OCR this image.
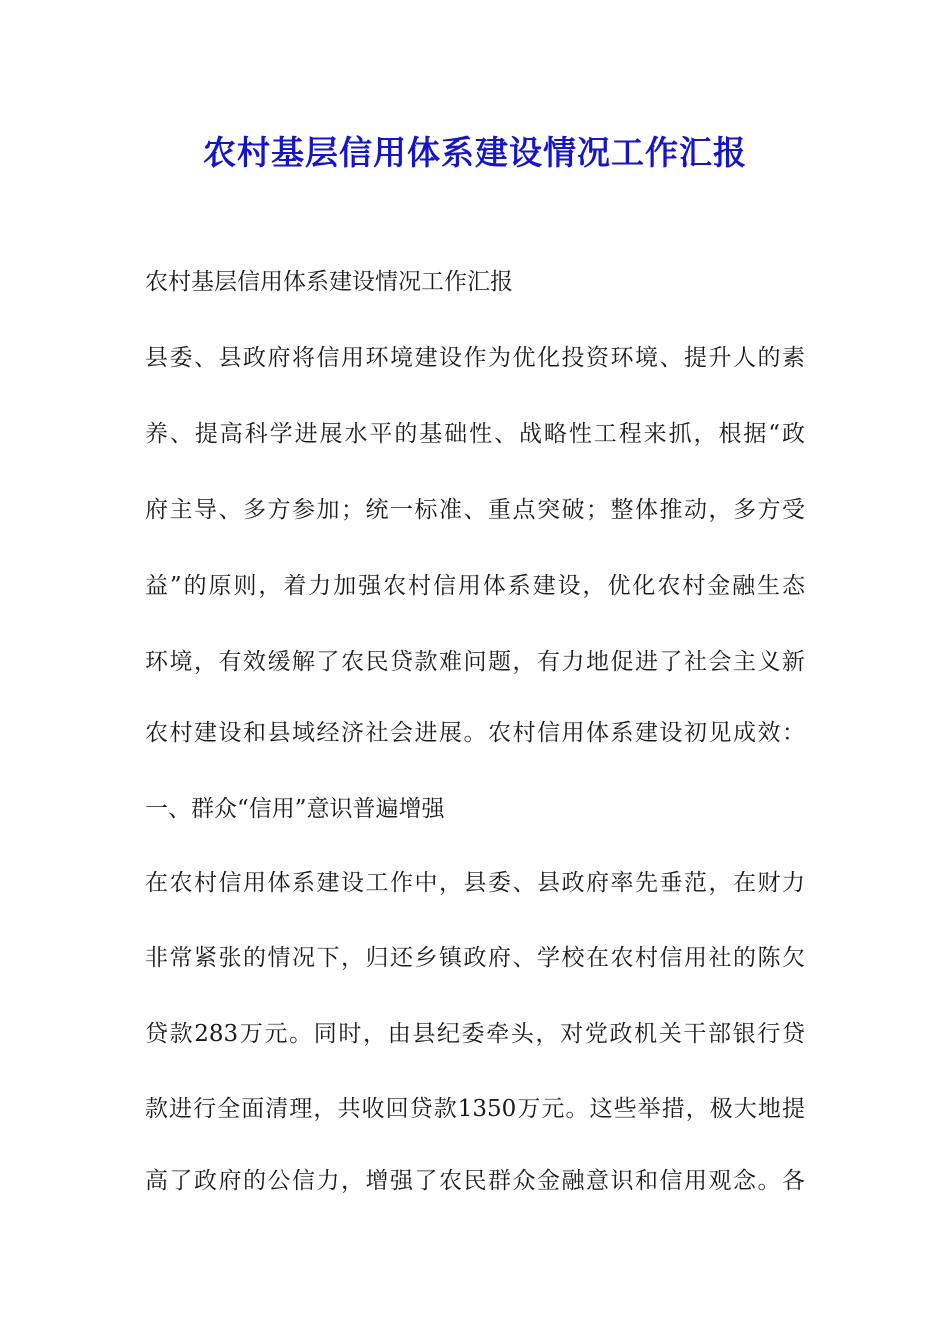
农村基层信用体系建设情况工作汇报
农村基层信用体系建设情况工作汇报
县委、县政府将信用环境建设作为优化投资环境、提升人的素
养、提高科学进展水平的基础性、战略性工程来抓，根据“政
府主导、多方参加；统一标准、重点突破；整体推动，多方受
益”的原则，着力加强农村信用体系建设，优化农村金融生态
环境，有效缓解了农民贷款难问题，有力地促进了社会主义新
农村建设和县域经济社会进展。农村信用体系建设初见成效：
一、群众“信用”意识普遍增强
在农村信用体系建设工作中，县委、县政府率先垂范，在财力
非常紧张的情况下，归还乡镇政府、学校在农村信用社的陈欠
贷款283万元。同时，由县纪委牵头，对党政机关干部银行贷
款进行全面清理，共收回贷款1350万元。这些举措，极大地提
高了政府的公信力，增强了农民群众金融意识和信用观念。各
